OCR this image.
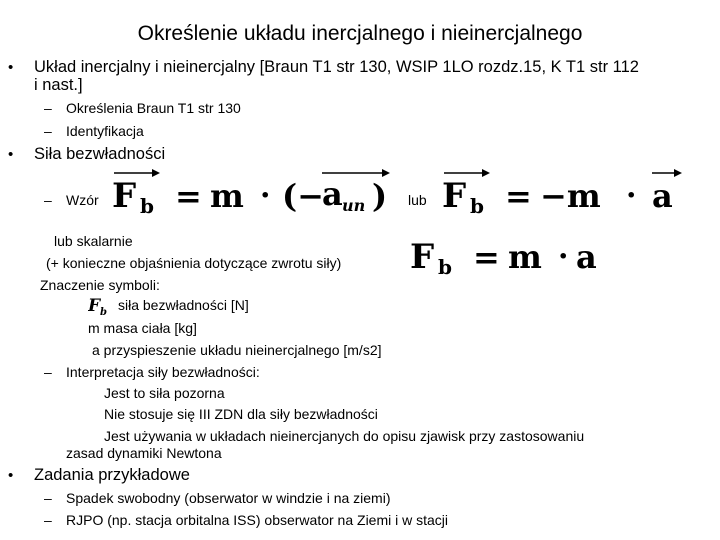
Określenie układu inercjalnego i nieinercjalnego
• Układ inercjalny i nieinercjalny [Braun T1 str 130, WSIP 1LO rozdz.15, K T1 str 112
i nast.]
– Określenia Braun T1 str 130
– Identyfikacja
• Siła bezwładności
– Wzór F b = m · (−
a un ) lub F b = −m · a
lub skalarnie
(+ konieczne objaśnienia dotyczące zwrotu siły) F b = m · a
Znaczenie symboli:
F b siła bezwładności [N]
m masa ciała [kg]
a przyspieszenie układu nieinercjalnego [m/s2]
– Interpretacja siły bezwładności:
Jest to siła pozorna
Nie stosuje się III ZDN dla siły bezwładności
Jest używania w układach nieinercjanych do opisu zjawisk przy zastosowaniu
zasad dynamiki Newtona
• Zadania przykładowe
– Spadek swobodny (obserwator w windzie i na ziemi)
– RJPO (np. stacja orbitalna ISS) obserwator na Ziemi i w stacji
